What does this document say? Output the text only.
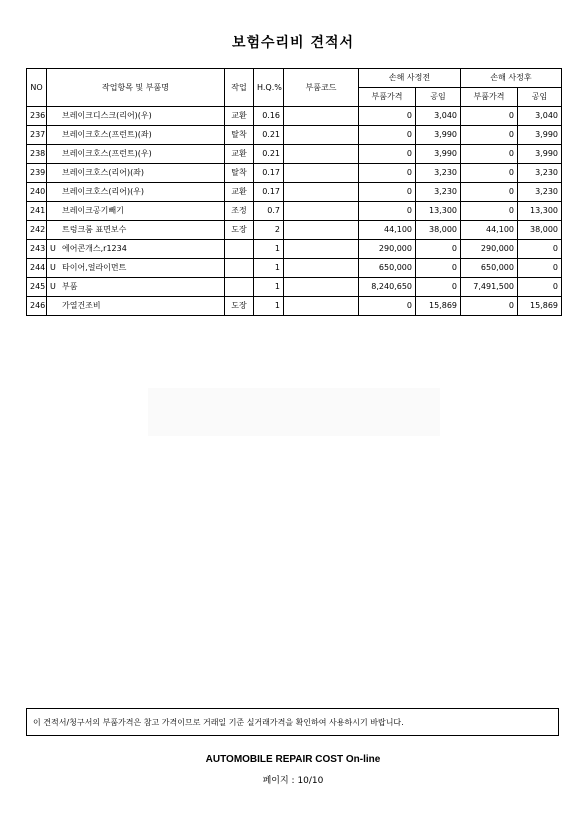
보험수리비 견적서
NO	작업항목 및 부품명	작업	H.Q.%	부품코드	손해 사정전		손해 사정후	
					부품가격	공임	부품가격	공임
236	브레이크디스크(리어)(우)	교환	0.16		0	3,040	0	3,040
237	브레이크호스(프런트)(좌)	탈착	0.21		0	3,990	0	3,990
238	브레이크호스(프런트)(우)	교환	0.21		0	3,990	0	3,990
239	브레이크호스(리어)(좌)	탈착	0.17		0	3,230	0	3,230
240	브레이크호스(리어)(우)	교환	0.17		0	3,230	0	3,230
241	브레이크공기빼기	조정	0.7		0	13,300	0	13,300
242	트렁크룸 표면보수	도장	2		44,100	38,000	44,100	38,000
243	U 에어콘개스,r1234		1		290,000	0	290,000	0
244	U 타이어,얼라이먼트		1		650,000	0	650,000	0
245	U 부품		1		8,240,650	0	7,491,500	0
246	가열건조비	도장	1		0	15,869	0	15,869
이 견적서/청구서의 부품가격은 참고 가격이므로 거래일 기준 실거래가격을 확인하여 사용하시기 바랍니다.
AUTOMOBILE REPAIR COST On-line
페이지 : 10/10
